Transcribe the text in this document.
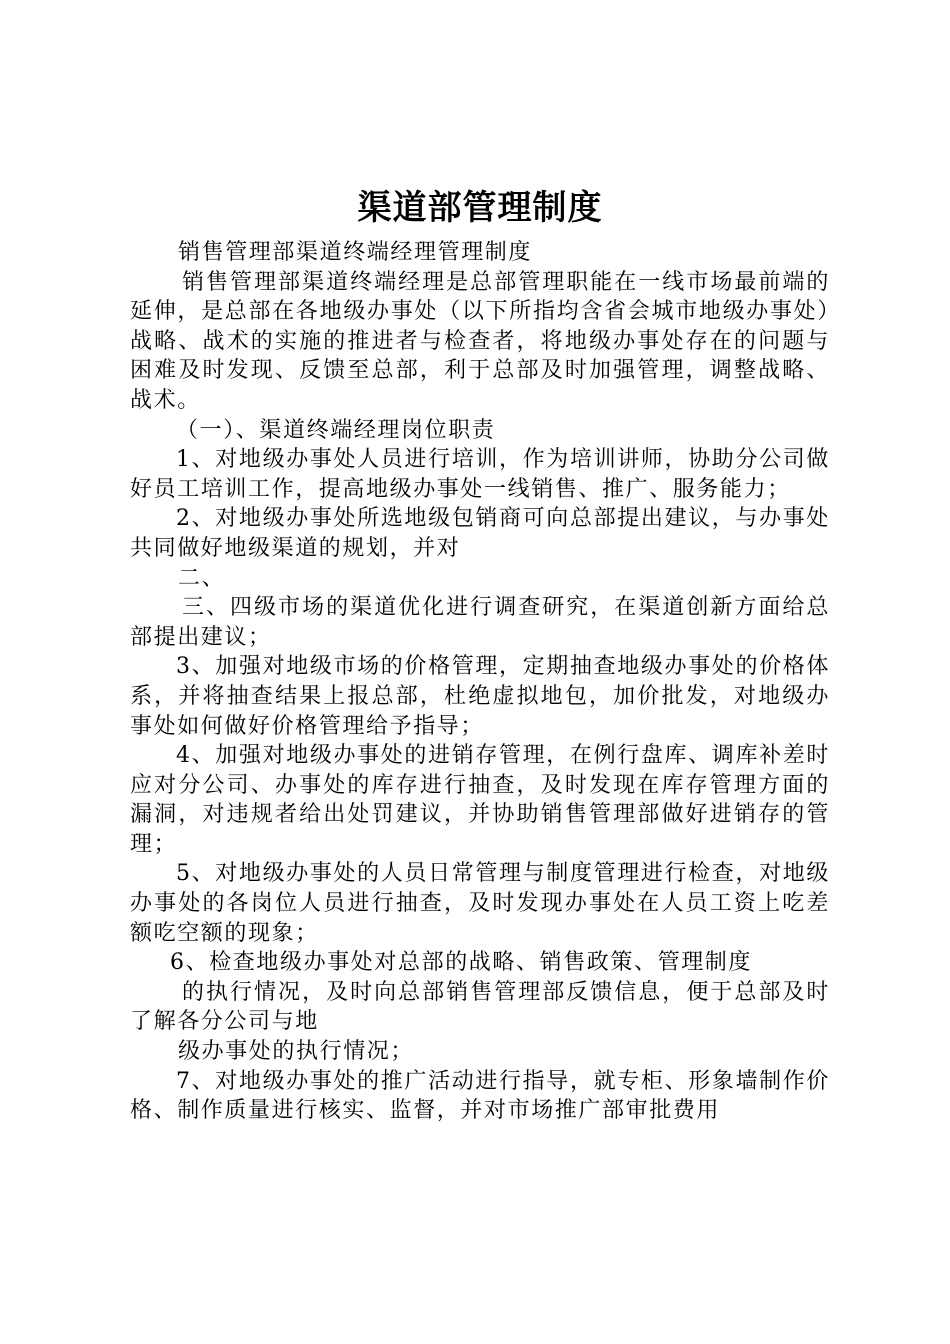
渠道部管理制度

销售管理部渠道终端经理管理制度

销售管理部渠道终端经理是总部管理职能在一线市场最前端的延伸，是总部在各地级办事处（以下所指均含省会城市地级办事处）战略、战术的实施的推进者与检查者，将地级办事处存在的问题与困难及时发现、反馈至总部，利于总部及时加强管理，调整战略、战术。

（一）、渠道终端经理岗位职责

1、对地级办事处人员进行培训，作为培训讲师，协助分公司做好员工培训工作，提高地级办事处一线销售、推广、服务能力；

2、对地级办事处所选地级包销商可向总部提出建议，与办事处共同做好地级渠道的规划，并对

二、

三、四级市场的渠道优化进行调查研究，在渠道创新方面给总部提出建议；

3、加强对地级市场的价格管理，定期抽查地级办事处的价格体系，并将抽查结果上报总部，杜绝虚拟地包，加价批发，对地级办事处如何做好价格管理给予指导；

4、加强对地级办事处的进销存管理，在例行盘库、调库补差时应对分公司、办事处的库存进行抽查，及时发现在库存管理方面的漏洞，对违规者给出处罚建议，并协助销售管理部做好进销存的管理；

5、对地级办事处的人员日常管理与制度管理进行检查，对地级办事处的各岗位人员进行抽查，及时发现办事处在人员工资上吃差额吃空额的现象；

6、检查地级办事处对总部的战略、销售政策、管理制度

的执行情况，及时向总部销售管理部反馈信息，便于总部及时了解各分公司与地

级办事处的执行情况；

7、对地级办事处的推广活动进行指导，就专柜、形象墙制作价格、制作质量进行核实、监督，并对市场推广部审批费用
